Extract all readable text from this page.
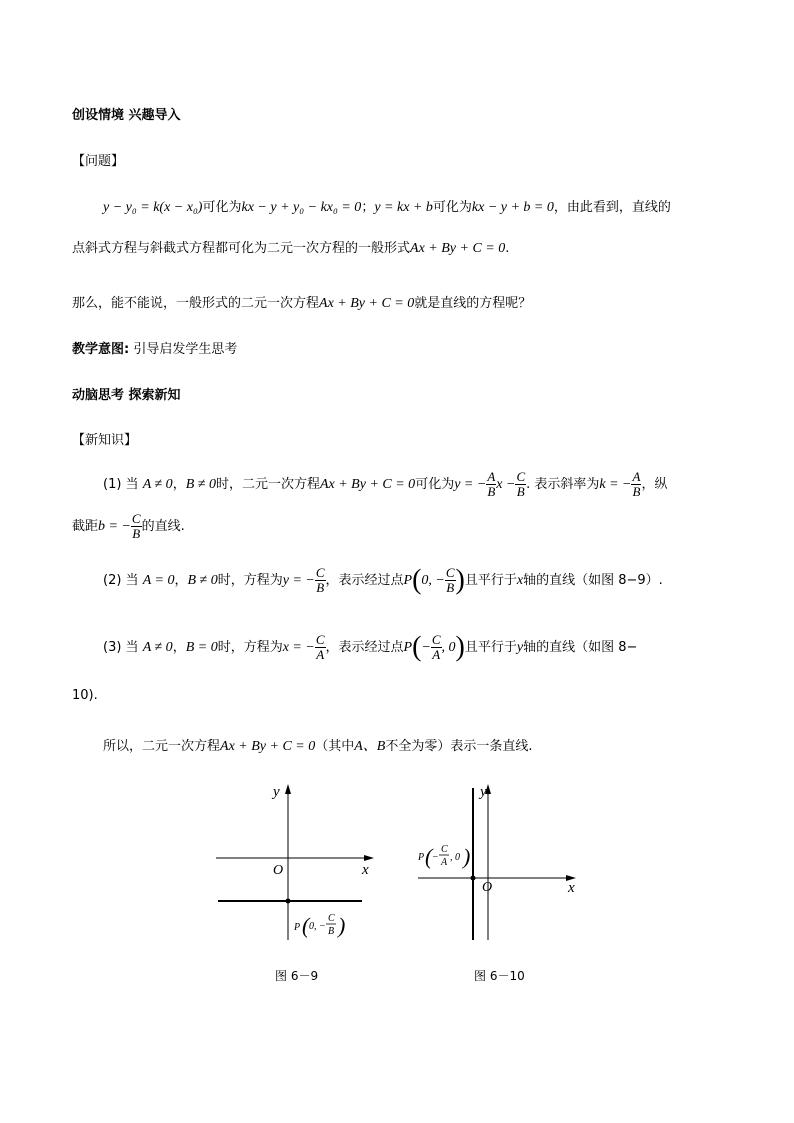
创设情境 兴趣导入
【问题】
y − y₀ = k(x − x₀)可化为kx − y + y₀ − kx₀ = 0；y = kx + b可化为kx − y + b = 0，由此看到，直线的
点斜式方程与斜截式方程都可化为二元一次方程的一般形式Ax + By + C = 0.
那么，能不能说，一般形式的二元一次方程Ax + By + C = 0就是直线的方程呢？
教学意图: 引导启发学生思考
动脑思考 探索新知
【新知识】
(1) 当 A ≠ 0，B ≠ 0时，二元一次方程Ax + By + C = 0可化为y = − $\frac{A}{B}$ $x - \frac{C}{B}$ . 表示斜率为k = − $\frac{A}{B}$ ，纵
截距b = − $\frac{C}{B}$ 的直线.
(2) 当 A = 0，B ≠ 0时，方程为y = − $\frac{C}{B}$ ，表示经过点P(0, − $\frac{C}{B}$ )且平行于x轴的直线（如图 8−9）.
(3) 当 A ≠ 0，B = 0时，方程为x = − $\frac{C}{A}$ ，表示经过点$P(- \frac{C}{A}$ , 0)且平行于y轴的直线（如图 8−
10).
所以，二元一次方程Ax + By + C = 0（其中A、B不全为零）表示一条直线.
y
x
O
P ( 0, −
C
B )
图 6－9
y
x
O
P ( −
C
A , 0 )
图 6－10
